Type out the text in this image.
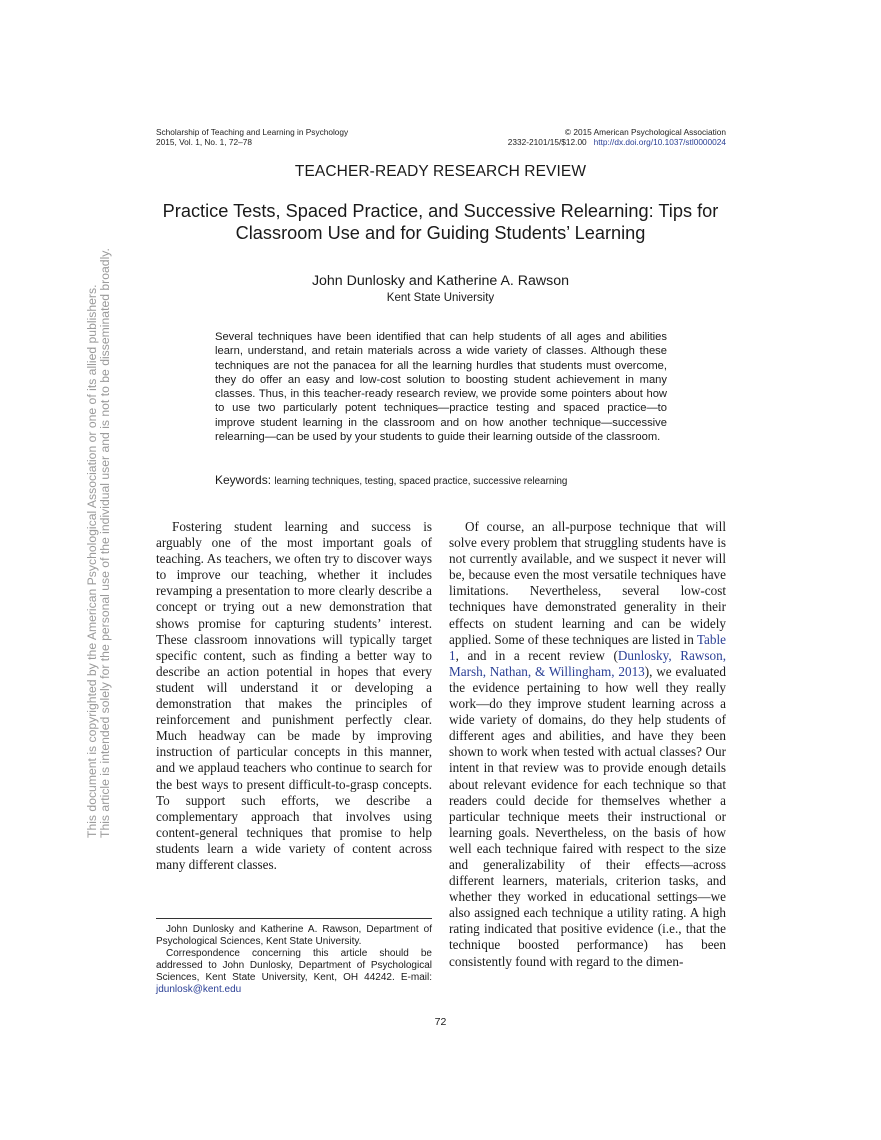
Scholarship of Teaching and Learning in Psychology
2015, Vol. 1, No. 1, 72–78
© 2015 American Psychological Association
2332-2101/15/$12.00 http://dx.doi.org/10.1037/stl0000024
TEACHER-READY RESEARCH REVIEW
Practice Tests, Spaced Practice, and Successive Relearning: Tips for
Classroom Use and for Guiding Students’ Learning
John Dunlosky and Katherine A. Rawson
Kent State University
Several techniques have been identified that can help students of all ages and abilities learn, understand, and retain materials across a wide variety of classes. Although these techniques are not the panacea for all the learning hurdles that students must overcome, they do offer an easy and low-cost solution to boosting student achievement in many classes. Thus, in this teacher-ready research review, we provide some pointers about how to use two particularly potent techniques—practice testing and spaced practice—to improve student learning in the classroom and on how another technique—successive relearning—can be used by your students to guide their learning outside of the classroom.
Keywords: learning techniques, testing, spaced practice, successive relearning

Fostering student learning and success is arguably one of the most important goals of teaching. As teachers, we often try to discover ways to improve our teaching, whether it includes revamping a presentation to more clearly describe a concept or trying out a new demonstration that shows promise for capturing students’ interest. These classroom innovations will typically target specific content, such as finding a better way to describe an action potential in hopes that every student will understand it or developing a demonstration that makes the principles of reinforcement and punishment perfectly clear. Much headway can be made by improving instruction of particular concepts in this manner, and we applaud teachers who continue to search for the best ways to present difficult-to-grasp concepts. To support such efforts, we describe a complementary approach that involves using content-general techniques that promise to help students learn a wide variety of content across many different classes.

Of course, an all-purpose technique that will solve every problem that struggling students have is not currently available, and we suspect it never will be, because even the most versatile techniques have limitations. Nevertheless, several low-cost techniques have demonstrated generality in their effects on student learning and can be widely applied. Some of these techniques are listed in Table 1, and in a recent review (Dunlosky, Rawson, Marsh, Nathan, & Willingham, 2013), we evaluated the evidence pertaining to how well they really work—do they improve student learning across a wide variety of domains, do they help students of different ages and abilities, and have they been shown to work when tested with actual classes? Our intent in that review was to provide enough details about relevant evidence for each technique so that readers could decide for themselves whether a particular technique meets their instructional or learning goals. Nevertheless, on the basis of how well each technique faired with respect to the size and generalizability of their effects—across different learners, materials, criterion tasks, and whether they worked in educational settings—we also assigned each technique a utility rating. A high rating indicated that positive evidence (i.e., that the technique boosted performance) has been consistently found with regard to the dimen-

John Dunlosky and Katherine A. Rawson, Department of Psychological Sciences, Kent State University.

Correspondence concerning this article should be addressed to John Dunlosky, Department of Psychological Sciences, Kent State University, Kent, OH 44242. E-mail: jdunlosk@kent.edu

72
This document is copyrighted by the American Psychological Association or one of its allied publishers. This article is intended solely for the personal use of the individual user and is not to be disseminated broadly.
